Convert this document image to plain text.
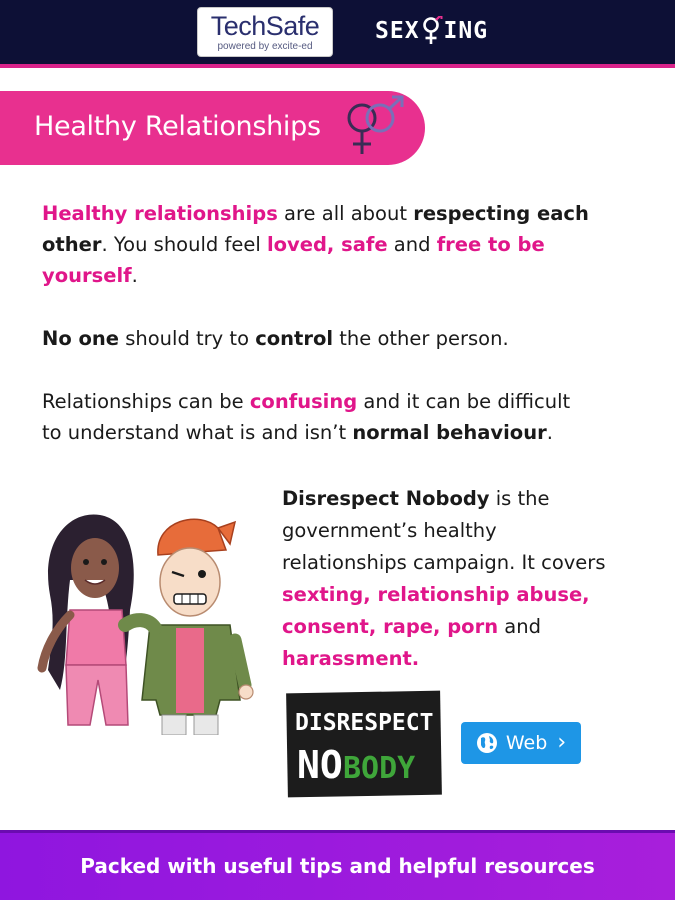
TechSafe
powered by excite-ed
SEX ING
Healthy Relationships

Healthy relationships are all about respecting each other. You should feel loved, safe and free to be yourself.

No one should try to control the other person.

Relationships can be confusing and it can be difficult to understand what is and isn’t normal behaviour.

Disrespect Nobody is the government’s healthy relationships campaign. It covers sexting, relationship abuse, consent, rape, porn and harassment.

DISRESPECT
NO BODY
Web ›
Packed with useful tips and helpful resources
